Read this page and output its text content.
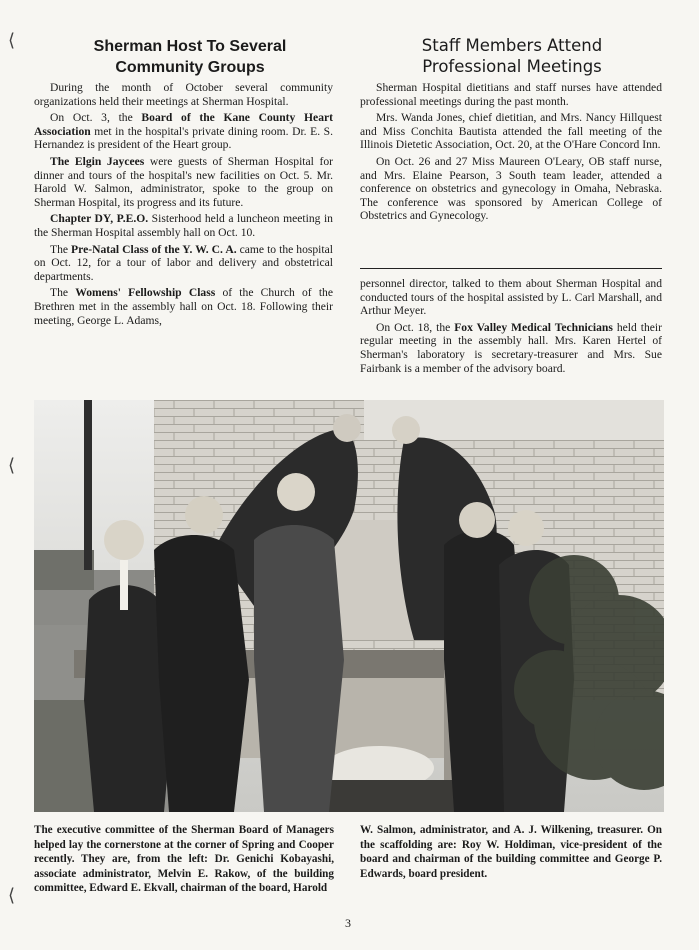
⟨
⟨
⟨
Sherman Host To Several
Community Groups

During the month of October several community organizations held their meetings at Sherman Hospital.

On Oct. 3, the Board of the Kane County Heart Association met in the hospital's private dining room. Dr. E. S. Hernandez is president of the Heart group.

The Elgin Jaycees were guests of Sherman Hospital for dinner and tours of the hospital's new facilities on Oct. 5. Mr. Harold W. Salmon, administrator, spoke to the group on Sherman Hospital, its progress and its future.

Chapter DY, P.E.O. Sisterhood held a luncheon meeting in the Sherman Hospital assembly hall on Oct. 10.

The Pre-Natal Class of the Y. W. C. A. came to the hospital on Oct. 12, for a tour of labor and delivery and obstetrical departments.

The Womens' Fellowship Class of the Church of the Brethren met in the assembly hall on Oct. 18. Following their meeting, George L. Adams,

Staff Members Attend
Professional Meetings

Sherman Hospital dietitians and staff nurses have attended professional meetings during the past month.

Mrs. Wanda Jones, chief dietitian, and Mrs. Nancy Hillquest and Miss Conchita Bautista attended the fall meeting of the Illinois Dietetic Association, Oct. 20, at the O'Hare Concord Inn.

On Oct. 26 and 27 Miss Maureen O'Leary, OB staff nurse, and Mrs. Elaine Pearson, 3 South team leader, attended a conference on obstetrics and gynecology in Omaha, Nebraska. The conference was sponsored by American College of Obstetrics and Gynecology.

personnel director, talked to them about Sherman Hospital and conducted tours of the hospital assisted by L. Carl Marshall, and Arthur Meyer.

On Oct. 18, the Fox Valley Medical Technicians held their regular meeting in the assembly hall. Mrs. Karen Hertel of Sherman's laboratory is secretary-treasurer and Mrs. Sue Fairbank is a member of the advisory board.

The executive committee of the Sherman Board of Managers helped lay the cornerstone at the corner of Spring and Cooper recently. They are, from the left: Dr. Genichi Kobayashi, associate administrator, Melvin E. Rakow, of the building committee, Edward E. Ekvall, chairman of the board, Harold
W. Salmon, administrator, and A. J. Wilkening, treasurer. On the scaffolding are: Roy W. Holdiman, vice-president of the board and chairman of the building committee and George P. Edwards, board president.
3
